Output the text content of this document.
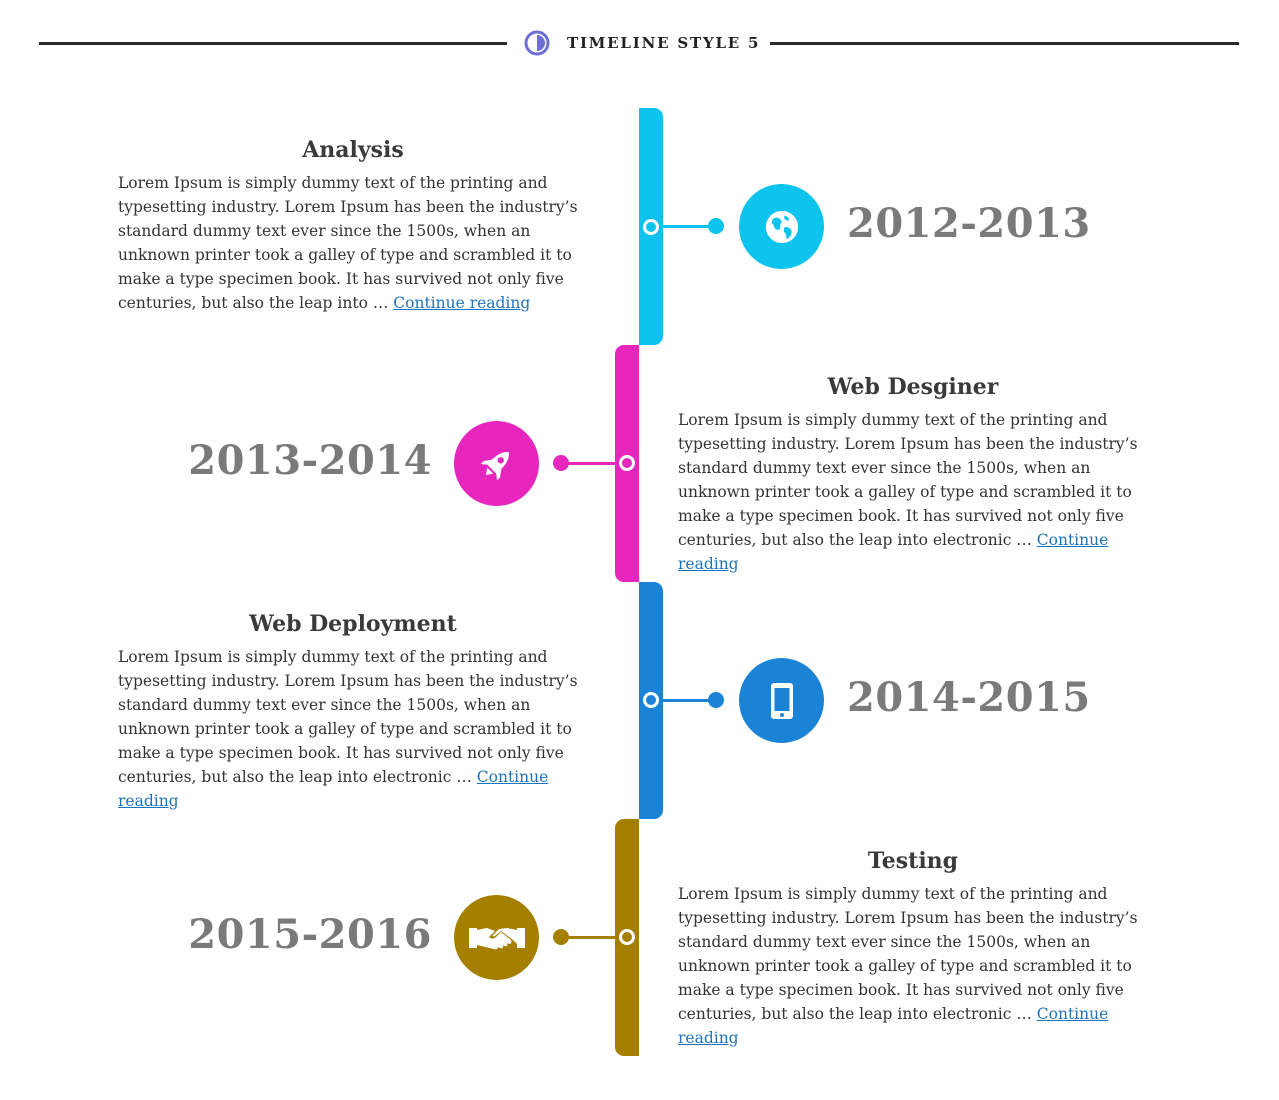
TIMELINE STYLE 5
2012-2013
Analysis

Lorem Ipsum is simply dummy text of the printing and typesetting industry. Lorem Ipsum has been the industry’s standard dummy text ever since the 1500s, when an unknown printer took a galley of type and scrambled it to make a type specimen book. It has survived not only five centuries, but also the leap into … Continue reading

2013-2014
Web Desginer

Lorem Ipsum is simply dummy text of the printing and typesetting industry. Lorem Ipsum has been the industry’s standard dummy text ever since the 1500s, when an unknown printer took a galley of type and scrambled it to make a type specimen book. It has survived not only five centuries, but also the leap into electronic … Continue reading

2014-2015
Web Deployment

Lorem Ipsum is simply dummy text of the printing and typesetting industry. Lorem Ipsum has been the industry’s standard dummy text ever since the 1500s, when an unknown printer took a galley of type and scrambled it to make a type specimen book. It has survived not only five centuries, but also the leap into electronic … Continue reading

2015-2016
Testing

Lorem Ipsum is simply dummy text of the printing and typesetting industry. Lorem Ipsum has been the industry’s standard dummy text ever since the 1500s, when an unknown printer took a galley of type and scrambled it to make a type specimen book. It has survived not only five centuries, but also the leap into electronic … Continue reading
